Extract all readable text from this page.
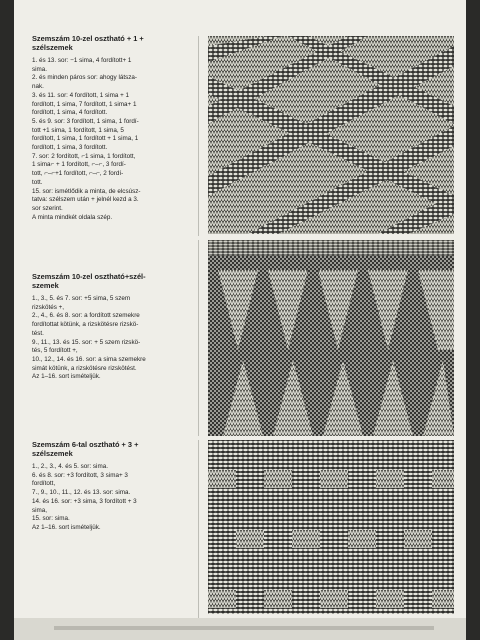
Szemszám 10-zel osztható + 1 +
szélszemek
1. és 13. sor: −1 sima, 4 fordított+ 1
sima.
2. és minden páros sor: ahogy látsza-
nak.
3. és 11. sor: 4 fordított, 1 sima + 1
fordított, 1 sima, 7 fordított, 1 sima+ 1
fordított, 1 sima, 4 fordított.
5. és 9. sor: 3 fordított, 1 sima, 1 fordí-
tott +1 sima, 1 fordított, 1 sima, 5
fordított, 1 sima, 1 fordított + 1 sima, 1
fordított, 1 sima, 3 fordított.
7. sor: 2 fordított, ⌐1 sima, 1 fordított,
1 sima⌐ + 1 fordított, ⌐–⌐, 3 fordí-
tott, ⌐–⌐+1 fordított, ⌐–⌐, 2 fordí-
tott.
15. sor: ismétlődik a minta, de elcsúsz-
tatva: szélszem után + jelnél kezd a 3.
sor szerint.
A minta mindkét oldala szép.
Szemszám 10-zel osztható+szél-
szemek
1., 3., 5. és 7. sor: +5 sima, 5 szem
rizskötés +,
2., 4., 6. és 8. sor: a fordított szemekre
fordítottat kötünk, a rizskötésre rizskö-
tést.
9., 11., 13. és 15. sor: + 5 szem rizskö-
tés, 5 fordított +,
10., 12., 14. és 16. sor: a sima szemekre
simát kötünk, a rizskötésre rizskötést.
Az 1–16. sort ismételjük.
Szemszám 6-tal osztható + 3 +
szélszemek
1., 2., 3., 4. és 5. sor: sima.
6. és 8. sor: +3 fordított, 3 sima+ 3
fordított,
7., 9., 10., 11., 12. és 13. sor: sima.
14. és 16. sor: +3 sima, 3 fordított + 3
sima,
15. sor: sima.
Az 1–16. sort ismételjük.
